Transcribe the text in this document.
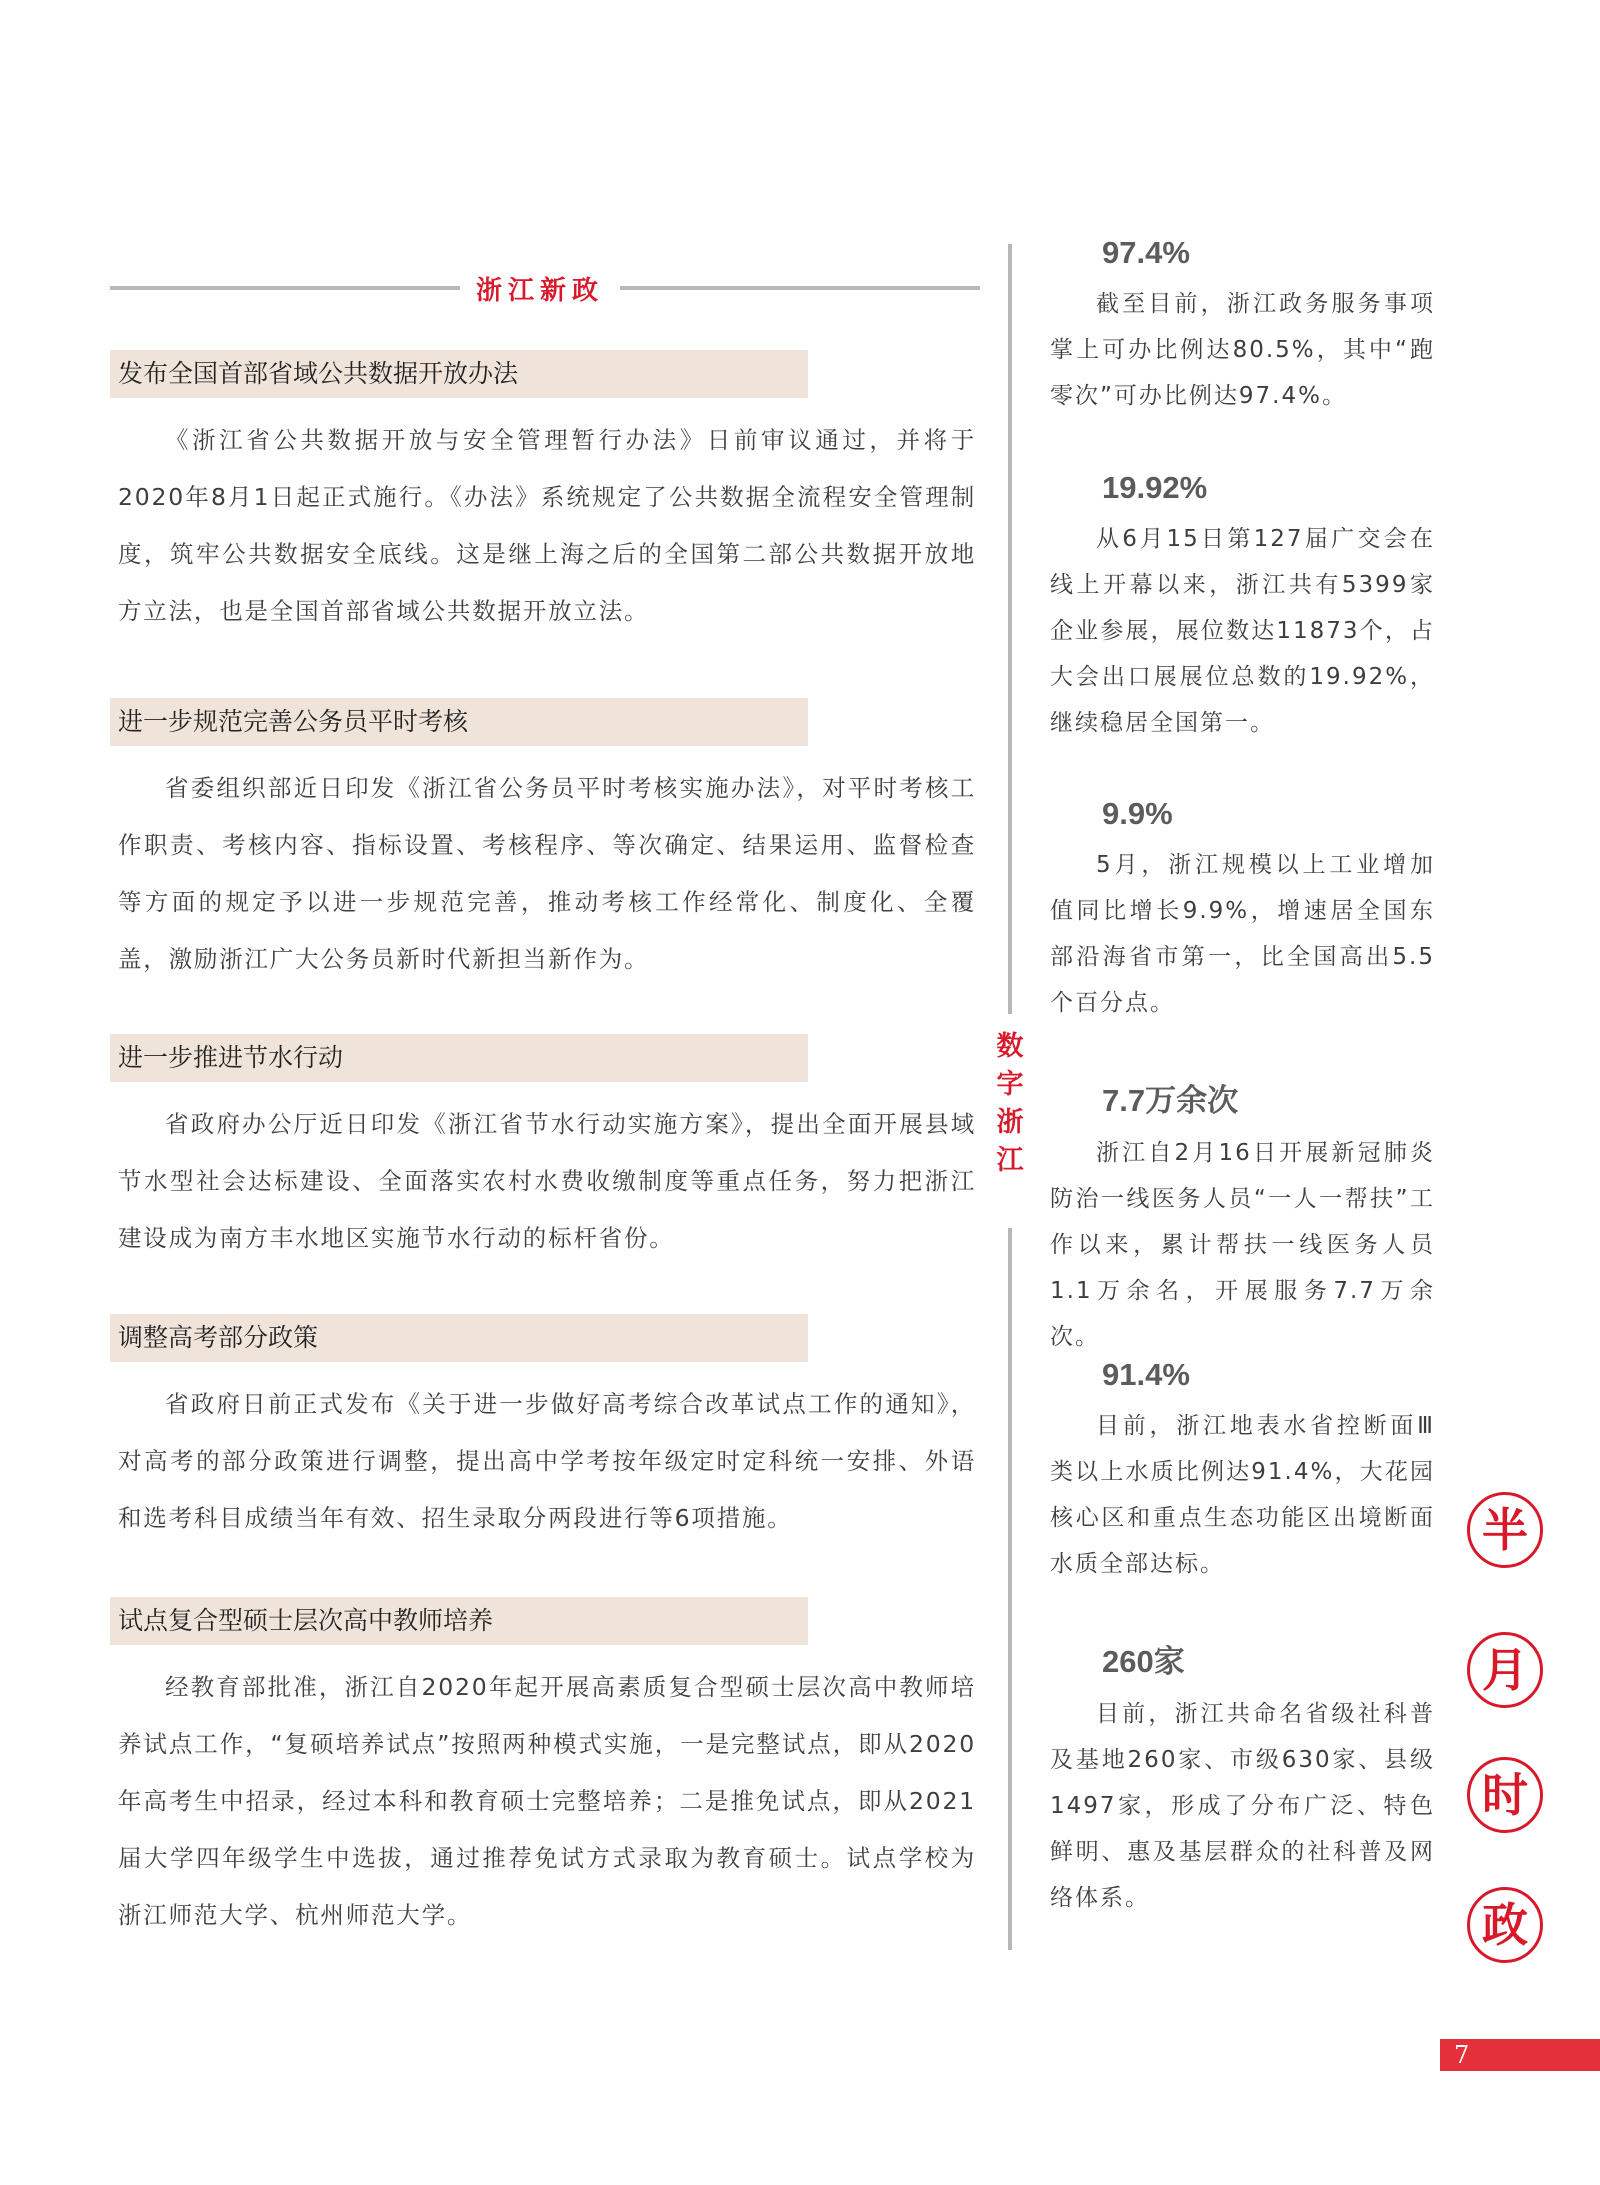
浙江新政
发布全国首部省域公共数据开放办法
《浙江省公共数据开放与安全管理暂行办法》日前审议通过，并将于2020年8月1日起正式施行。《办法》系统规定了公共数据全流程安全管理制度，筑牢公共数据安全底线。这是继上海之后的全国第二部公共数据开放地方立法，也是全国首部省域公共数据开放立法。
进一步规范完善公务员平时考核
省委组织部近日印发《浙江省公务员平时考核实施办法》，对平时考核工作职责、考核内容、指标设置、考核程序、等次确定、结果运用、监督检查等方面的规定予以进一步规范完善，推动考核工作经常化、制度化、全覆盖，激励浙江广大公务员新时代新担当新作为。
进一步推进节水行动
省政府办公厅近日印发《浙江省节水行动实施方案》，提出全面开展县域节水型社会达标建设、全面落实农村水费收缴制度等重点任务，努力把浙江建设成为南方丰水地区实施节水行动的标杆省份。
调整高考部分政策
省政府日前正式发布《关于进一步做好高考综合改革试点工作的通知》，对高考的部分政策进行调整，提出高中学考按年级定时定科统一安排、外语和选考科目成绩当年有效、招生录取分两段进行等6项措施。
试点复合型硕士层次高中教师培养
经教育部批准，浙江自2020年起开展高素质复合型硕士层次高中教师培养试点工作，“复硕培养试点”按照两种模式实施，一是完整试点，即从2020年高考生中招录，经过本科和教育硕士完整培养；二是推免试点，即从2021届大学四年级学生中选拔，通过推荐免试方式录取为教育硕士。试点学校为浙江师范大学、杭州师范大学。
数
字
浙
江
97.4%
截至目前，浙江政务服务事项掌上可办比例达80.5%，其中“跑零次”可办比例达97.4%。
19.92%
从6月15日第127届广交会在线上开幕以来，浙江共有5399家企业参展，展位数达11873个，占大会出口展展位总数的19.92%，继续稳居全国第一。
9.9%
5月，浙江规模以上工业增加值同比增长9.9%，增速居全国东部沿海省市第一，比全国高出5.5个百分点。
7.7万余次
浙江自2月16日开展新冠肺炎防治一线医务人员“一人一帮扶”工作以来，累计帮扶一线医务人员1.1万余名，开展服务7.7万余次。
91.4%
目前，浙江地表水省控断面Ⅲ类以上水质比例达91.4%，大花园核心区和重点生态功能区出境断面水质全部达标。
260家
目前，浙江共命名省级社科普及基地260家、市级630家、县级1497家，形成了分布广泛、特色鲜明、惠及基层群众的社科普及网络体系。
半
月
时
政
7
